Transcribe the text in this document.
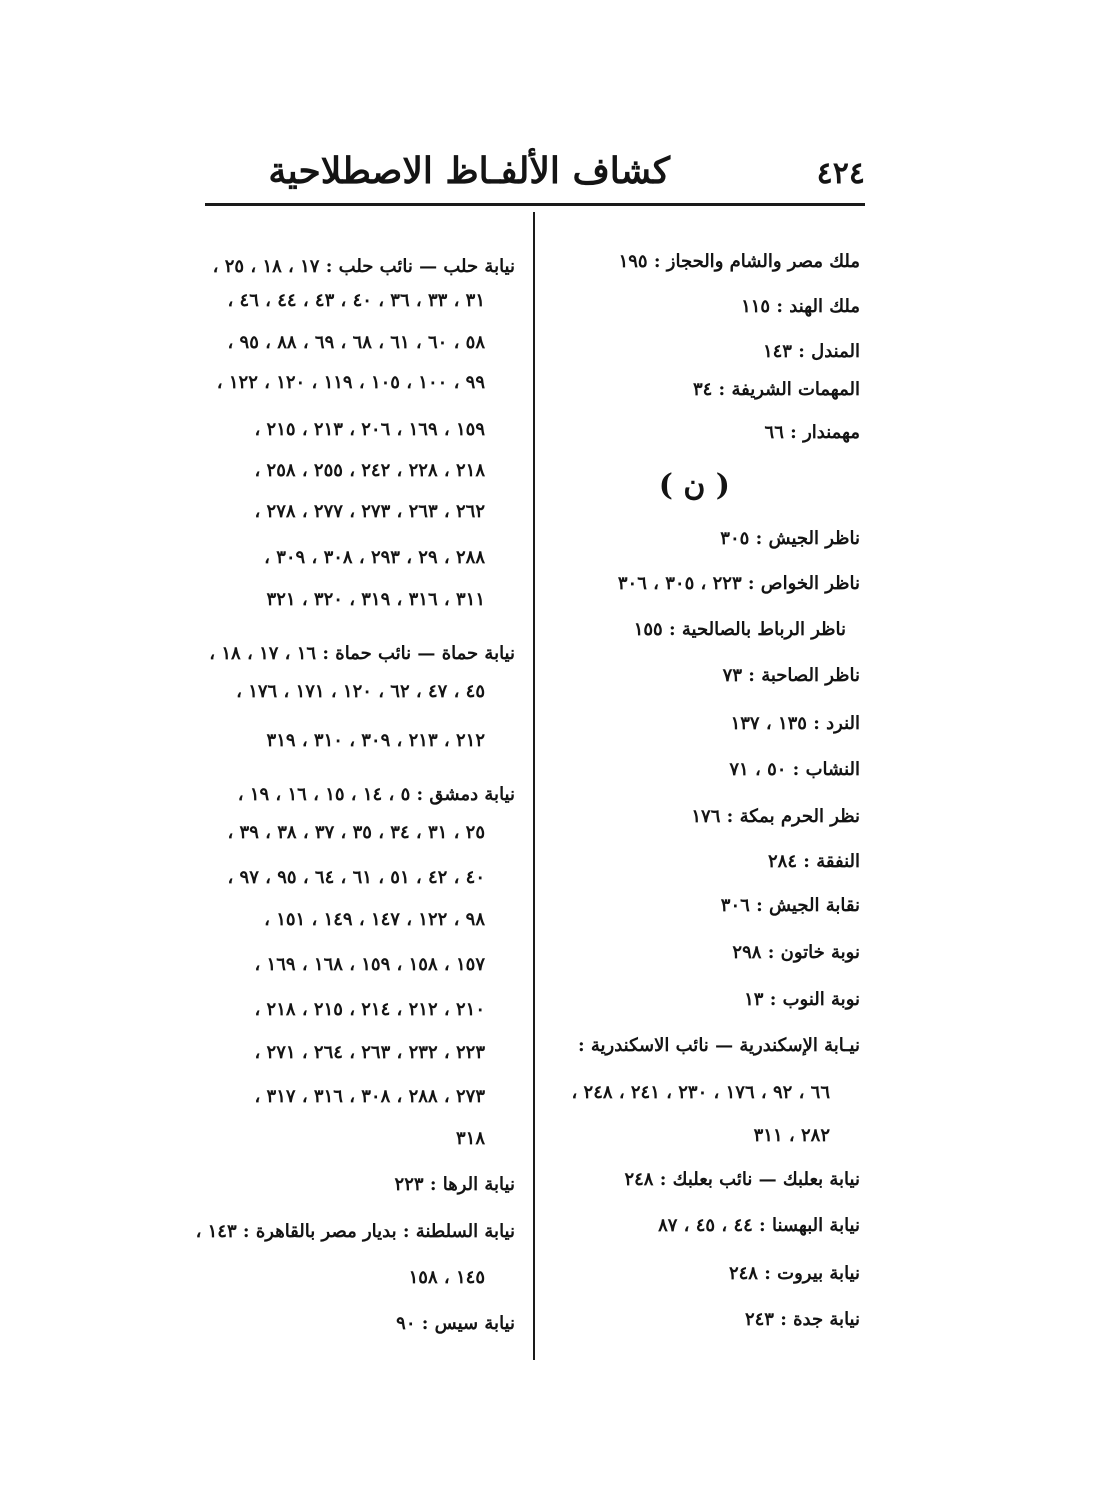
٤٢٤
كشاف الألفـاظ الاصطلاحية
ملك مصر والشام والحجاز : ١٩٥
ملك الهند : ١١٥
المندل : ١٤٣
المهمات الشريفة : ٣٤
مهمندار : ٦٦
( ن )
ناظر الجيش : ٣٠٥
ناظر الخواص : ٢٢٣ ، ٣٠٥ ، ٣٠٦
ناظر الرباط بالصالحية : ١٥٥
ناظر الصاحبة : ٧٣
النرد : ١٣٥ ، ١٣٧
النشاب : ٥٠ ، ٧١
نظر الحرم بمكة : ١٧٦
النفقة : ٢٨٤
نقابة الجيش : ٣٠٦
نوبة خاتون : ٢٩٨
نوبة النوب : ١٣
نيـابة الإسكندرية — نائب الاسكندرية :
٦٦ ، ٩٢ ، ١٧٦ ، ٢٣٠ ، ٢٤١ ، ٢٤٨ ،
٢٨٢ ، ٣١١
نيابة بعلبك — نائب بعلبك : ٢٤٨
نيابة البهسنا : ٤٤ ، ٤٥ ، ٨٧
نيابة بيروت : ٢٤٨
نيابة جدة : ٢٤٣
نيابة حلب — نائب حلب : ١٧ ، ١٨ ، ٢٥ ،
٣١ ، ٣٣ ، ٣٦ ، ٤٠ ، ٤٣ ، ٤٤ ، ٤٦ ،
٥٨ ، ٦٠ ، ٦١ ، ٦٨ ، ٦٩ ، ٨٨ ، ٩٥ ،
٩٩ ، ١٠٠ ، ١٠٥ ، ١١٩ ، ١٢٠ ، ١٢٢ ،
١٥٩ ، ١٦٩ ، ٢٠٦ ، ٢١٣ ، ٢١٥ ،
٢١٨ ، ٢٢٨ ، ٢٤٢ ، ٢٥٥ ، ٢٥٨ ،
٢٦٢ ، ٢٦٣ ، ٢٧٣ ، ٢٧٧ ، ٢٧٨ ،
٢٨٨ ، ٢٩ ، ٢٩٣ ، ٣٠٨ ، ٣٠٩ ،
٣١١ ، ٣١٦ ، ٣١٩ ، ٣٢٠ ، ٣٢١
نيابة حماة — نائب حماة : ١٦ ، ١٧ ، ١٨ ،
٤٥ ، ٤٧ ، ٦٢ ، ١٢٠ ، ١٧١ ، ١٧٦ ،
٢١٢ ، ٢١٣ ، ٣٠٩ ، ٣١٠ ، ٣١٩
نيابة دمشق : ٥ ، ١٤ ، ١٥ ، ١٦ ، ١٩ ،
٢٥ ، ٣١ ، ٣٤ ، ٣٥ ، ٣٧ ، ٣٨ ، ٣٩ ،
٤٠ ، ٤٢ ، ٥١ ، ٦١ ، ٦٤ ، ٩٥ ، ٩٧ ،
٩٨ ، ١٢٢ ، ١٤٧ ، ١٤٩ ، ١٥١ ،
١٥٧ ، ١٥٨ ، ١٥٩ ، ١٦٨ ، ١٦٩ ،
٢١٠ ، ٢١٢ ، ٢١٤ ، ٢١٥ ، ٢١٨ ،
٢٢٣ ، ٢٣٢ ، ٢٦٣ ، ٢٦٤ ، ٢٧١ ،
٢٧٣ ، ٢٨٨ ، ٣٠٨ ، ٣١٦ ، ٣١٧ ،
٣١٨
نيابة الرها : ٢٢٣
نيابة السلطنة : بديار مصر بالقاهرة : ١٤٣ ،
١٤٥ ، ١٥٨
نيابة سيس : ٩٠
